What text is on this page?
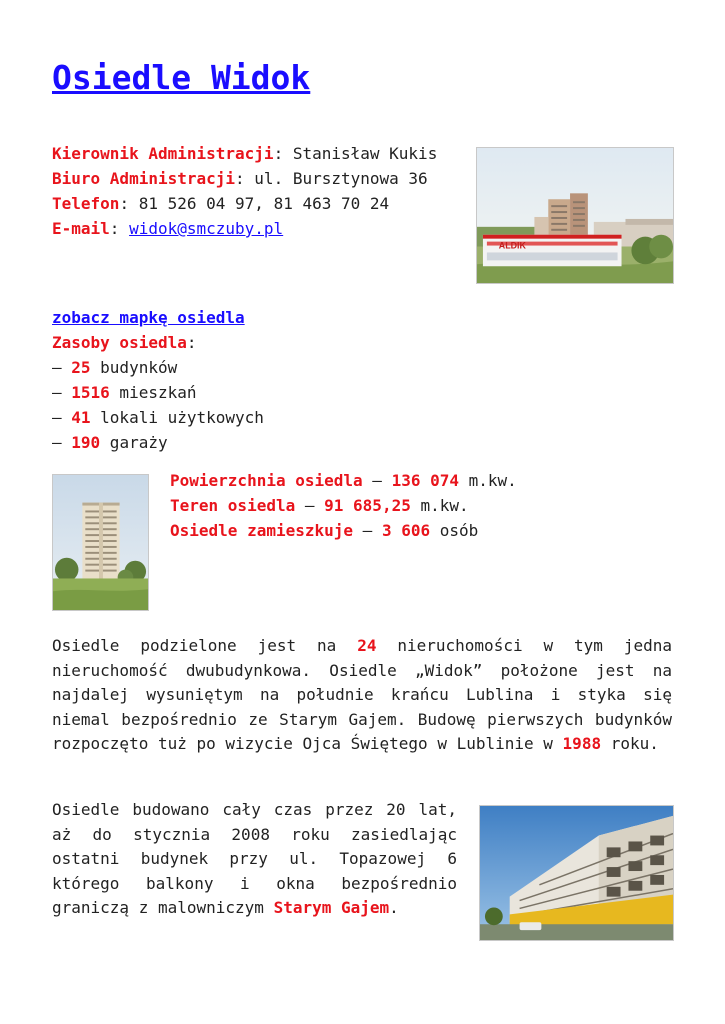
Osiedle Widok
Kierownik Administracji: Stanisław Kukis
Biuro Administracji: ul. Bursztynowa 36
Telefon: 81 526 04 97, 81 463 70 24
E-mail: widok@smczuby.pl
ALDIK
zobacz mapkę osiedla
Zasoby osiedla:
– 25 budynków
– 1516 mieszkań
– 41 lokali użytkowych
– 190 garaży
Powierzchnia osiedla – 136 074 m.kw.
Teren osiedla – 91 685,25 m.kw.
Osiedle zamieszkuje – 3 606 osób

Osiedle podzielone jest na 24 nieruchomości w tym jedna nieruchomość dwubudynkowa. Osiedle „Widok” położone jest na najdalej wysuniętym na południe krańcu Lublina i styka się niemal bezpośrednio ze Starym Gajem. Budowę pierwszych budynków rozpoczęto tuż po wizycie Ojca Świętego w Lublinie w 1988 roku.

Osiedle budowano cały czas przez 20 lat, aż do stycznia 2008 roku zasiedlając ostatni budynek przy ul. Topazowej 6 którego balkony i okna bezpośrednio graniczą z malowniczym Starym Gajem.
